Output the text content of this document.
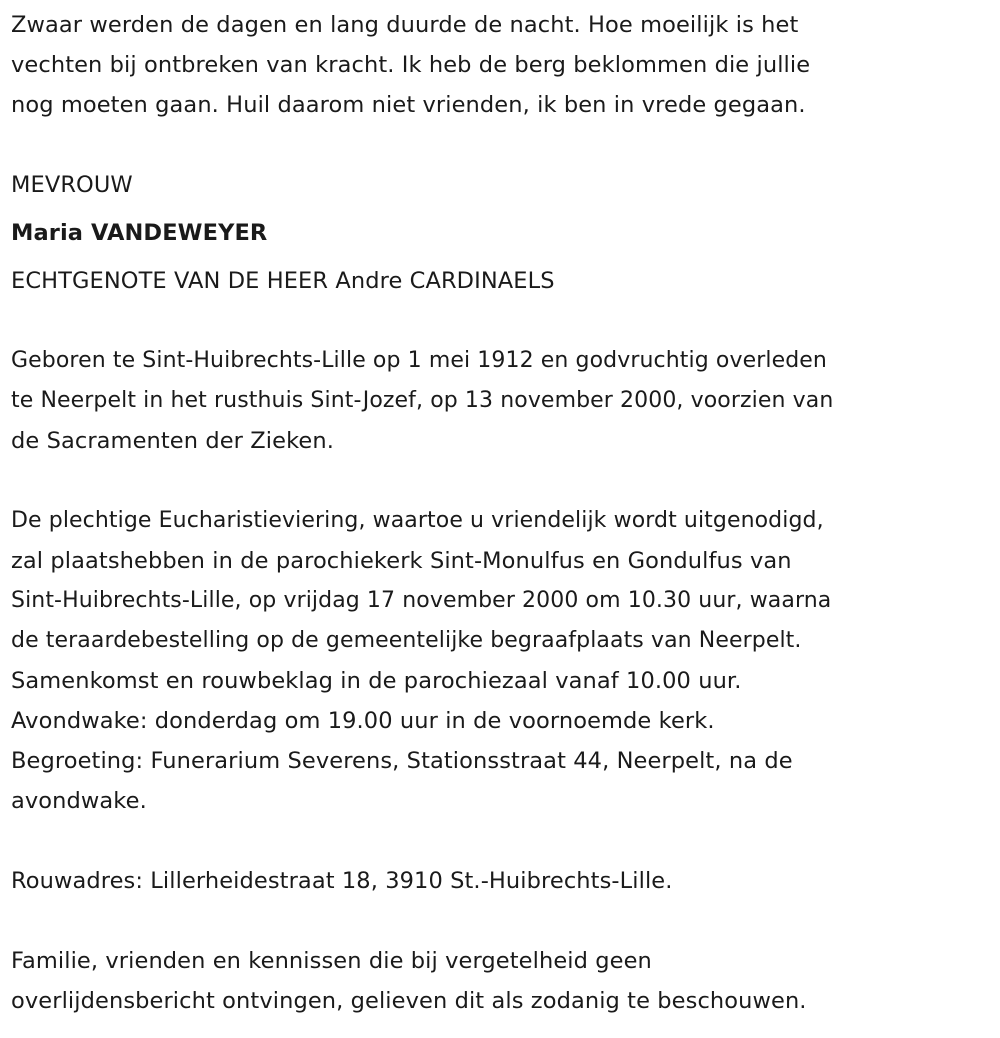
Zwaar werden de dagen en lang duurde de nacht. Hoe moeilijk is het
vechten bij ontbreken van kracht. Ik heb de berg beklommen die jullie
nog moeten gaan. Huil daarom niet vrienden, ik ben in vrede gegaan.
MEVROUW
Maria VANDEWEYER
ECHTGENOTE VAN DE HEER Andre CARDINAELS
Geboren te Sint-Huibrechts-Lille op 1 mei 1912 en godvruchtig overleden
te Neerpelt in het rusthuis Sint-Jozef, op 13 november 2000, voorzien van
de Sacramenten der Zieken.
De plechtige Eucharistieviering, waartoe u vriendelijk wordt uitgenodigd,
zal plaatshebben in de parochiekerk Sint-Monulfus en Gondulfus van
Sint-Huibrechts-Lille, op vrijdag 17 november 2000 om 10.30 uur, waarna
de teraardebestelling op de gemeentelijke begraafplaats van Neerpelt.
Samenkomst en rouwbeklag in de parochiezaal vanaf 10.00 uur.
Avondwake: donderdag om 19.00 uur in de voornoemde kerk.
Begroeting: Funerarium Severens, Stationsstraat 44, Neerpelt, na de
avondwake.
Rouwadres: Lillerheidestraat 18, 3910 St.-Huibrechts-Lille.
Familie, vrienden en kennissen die bij vergetelheid geen
overlijdensbericht ontvingen, gelieven dit als zodanig te beschouwen.
